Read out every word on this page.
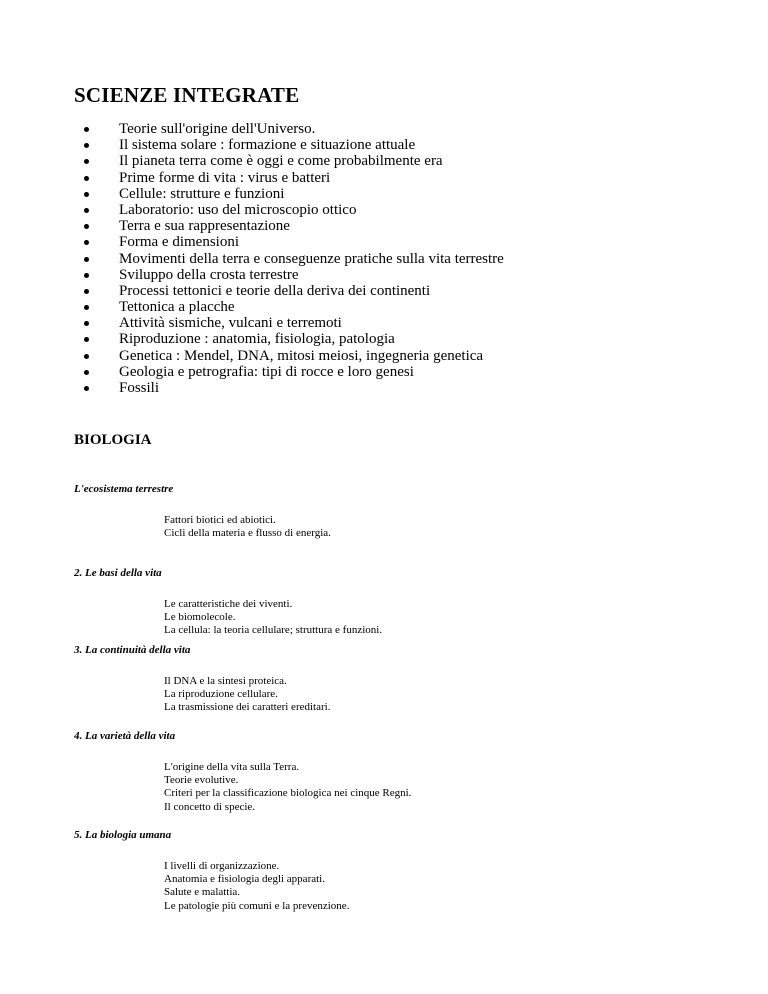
SCIENZE INTEGRATE
Teorie sull'origine dell'Universo.
Il sistema solare : formazione e situazione attuale
Il pianeta terra come è oggi e come probabilmente era
Prime forme di vita : virus e batteri
Cellule: strutture e funzioni
Laboratorio: uso del microscopio ottico
Terra e sua rappresentazione
Forma e dimensioni
Movimenti della terra e conseguenze pratiche sulla vita terrestre
Sviluppo della crosta terrestre
Processi tettonici e teorie della deriva dei continenti
Tettonica a placche
Attività sismiche, vulcani e terremoti
Riproduzione : anatomia, fisiologia, patologia
Genetica : Mendel, DNA, mitosi meiosi, ingegneria genetica
Geologia e petrografia: tipi di rocce e loro genesi
Fossili
BIOLOGIA
L'ecosistema terrestre
Fattori biotici ed abiotici.
Cicli della materia e flusso di energia.
2. Le basi della vita
Le caratteristiche dei viventi.
Le biomolecole.
La cellula: la teoria cellulare; struttura e funzioni.
3. La continuità della vita
Il DNA e la sintesi proteica.
La riproduzione cellulare.
La trasmissione dei caratteri ereditari.
4. La varietà della vita
L'origine della vita sulla Terra.
Teorie evolutive.
Criteri per la classificazione biologica nei cinque Regni.
Il concetto di specie.
5. La biologia umana
I livelli di organizzazione.
Anatomia e fisiologia degli apparati.
Salute e malattia.
Le patologie più comuni e la prevenzione.
